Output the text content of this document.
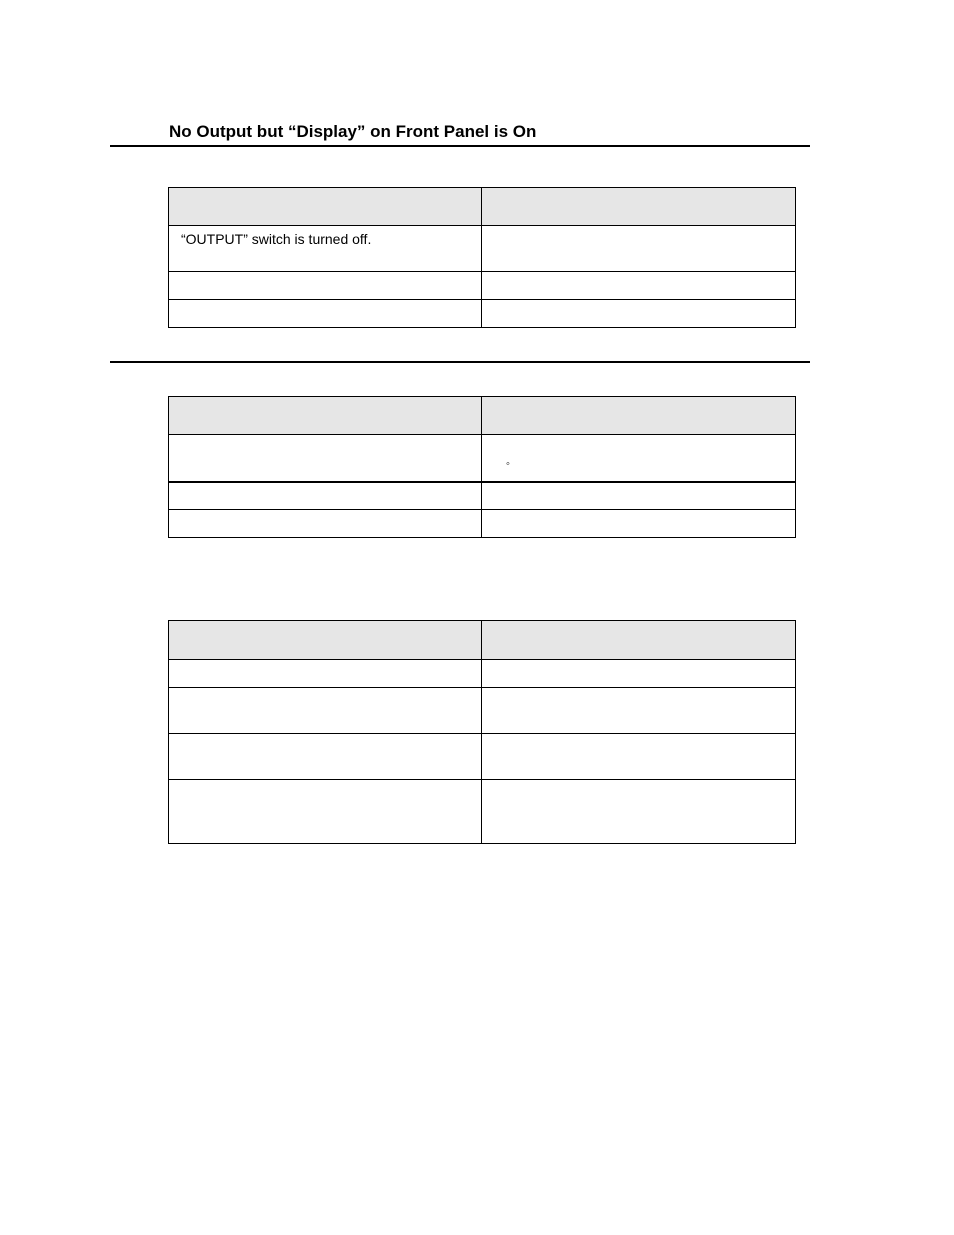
No Output but “Display” on Front Panel is On

“OUTPUT” switch is turned off.	

	◦
